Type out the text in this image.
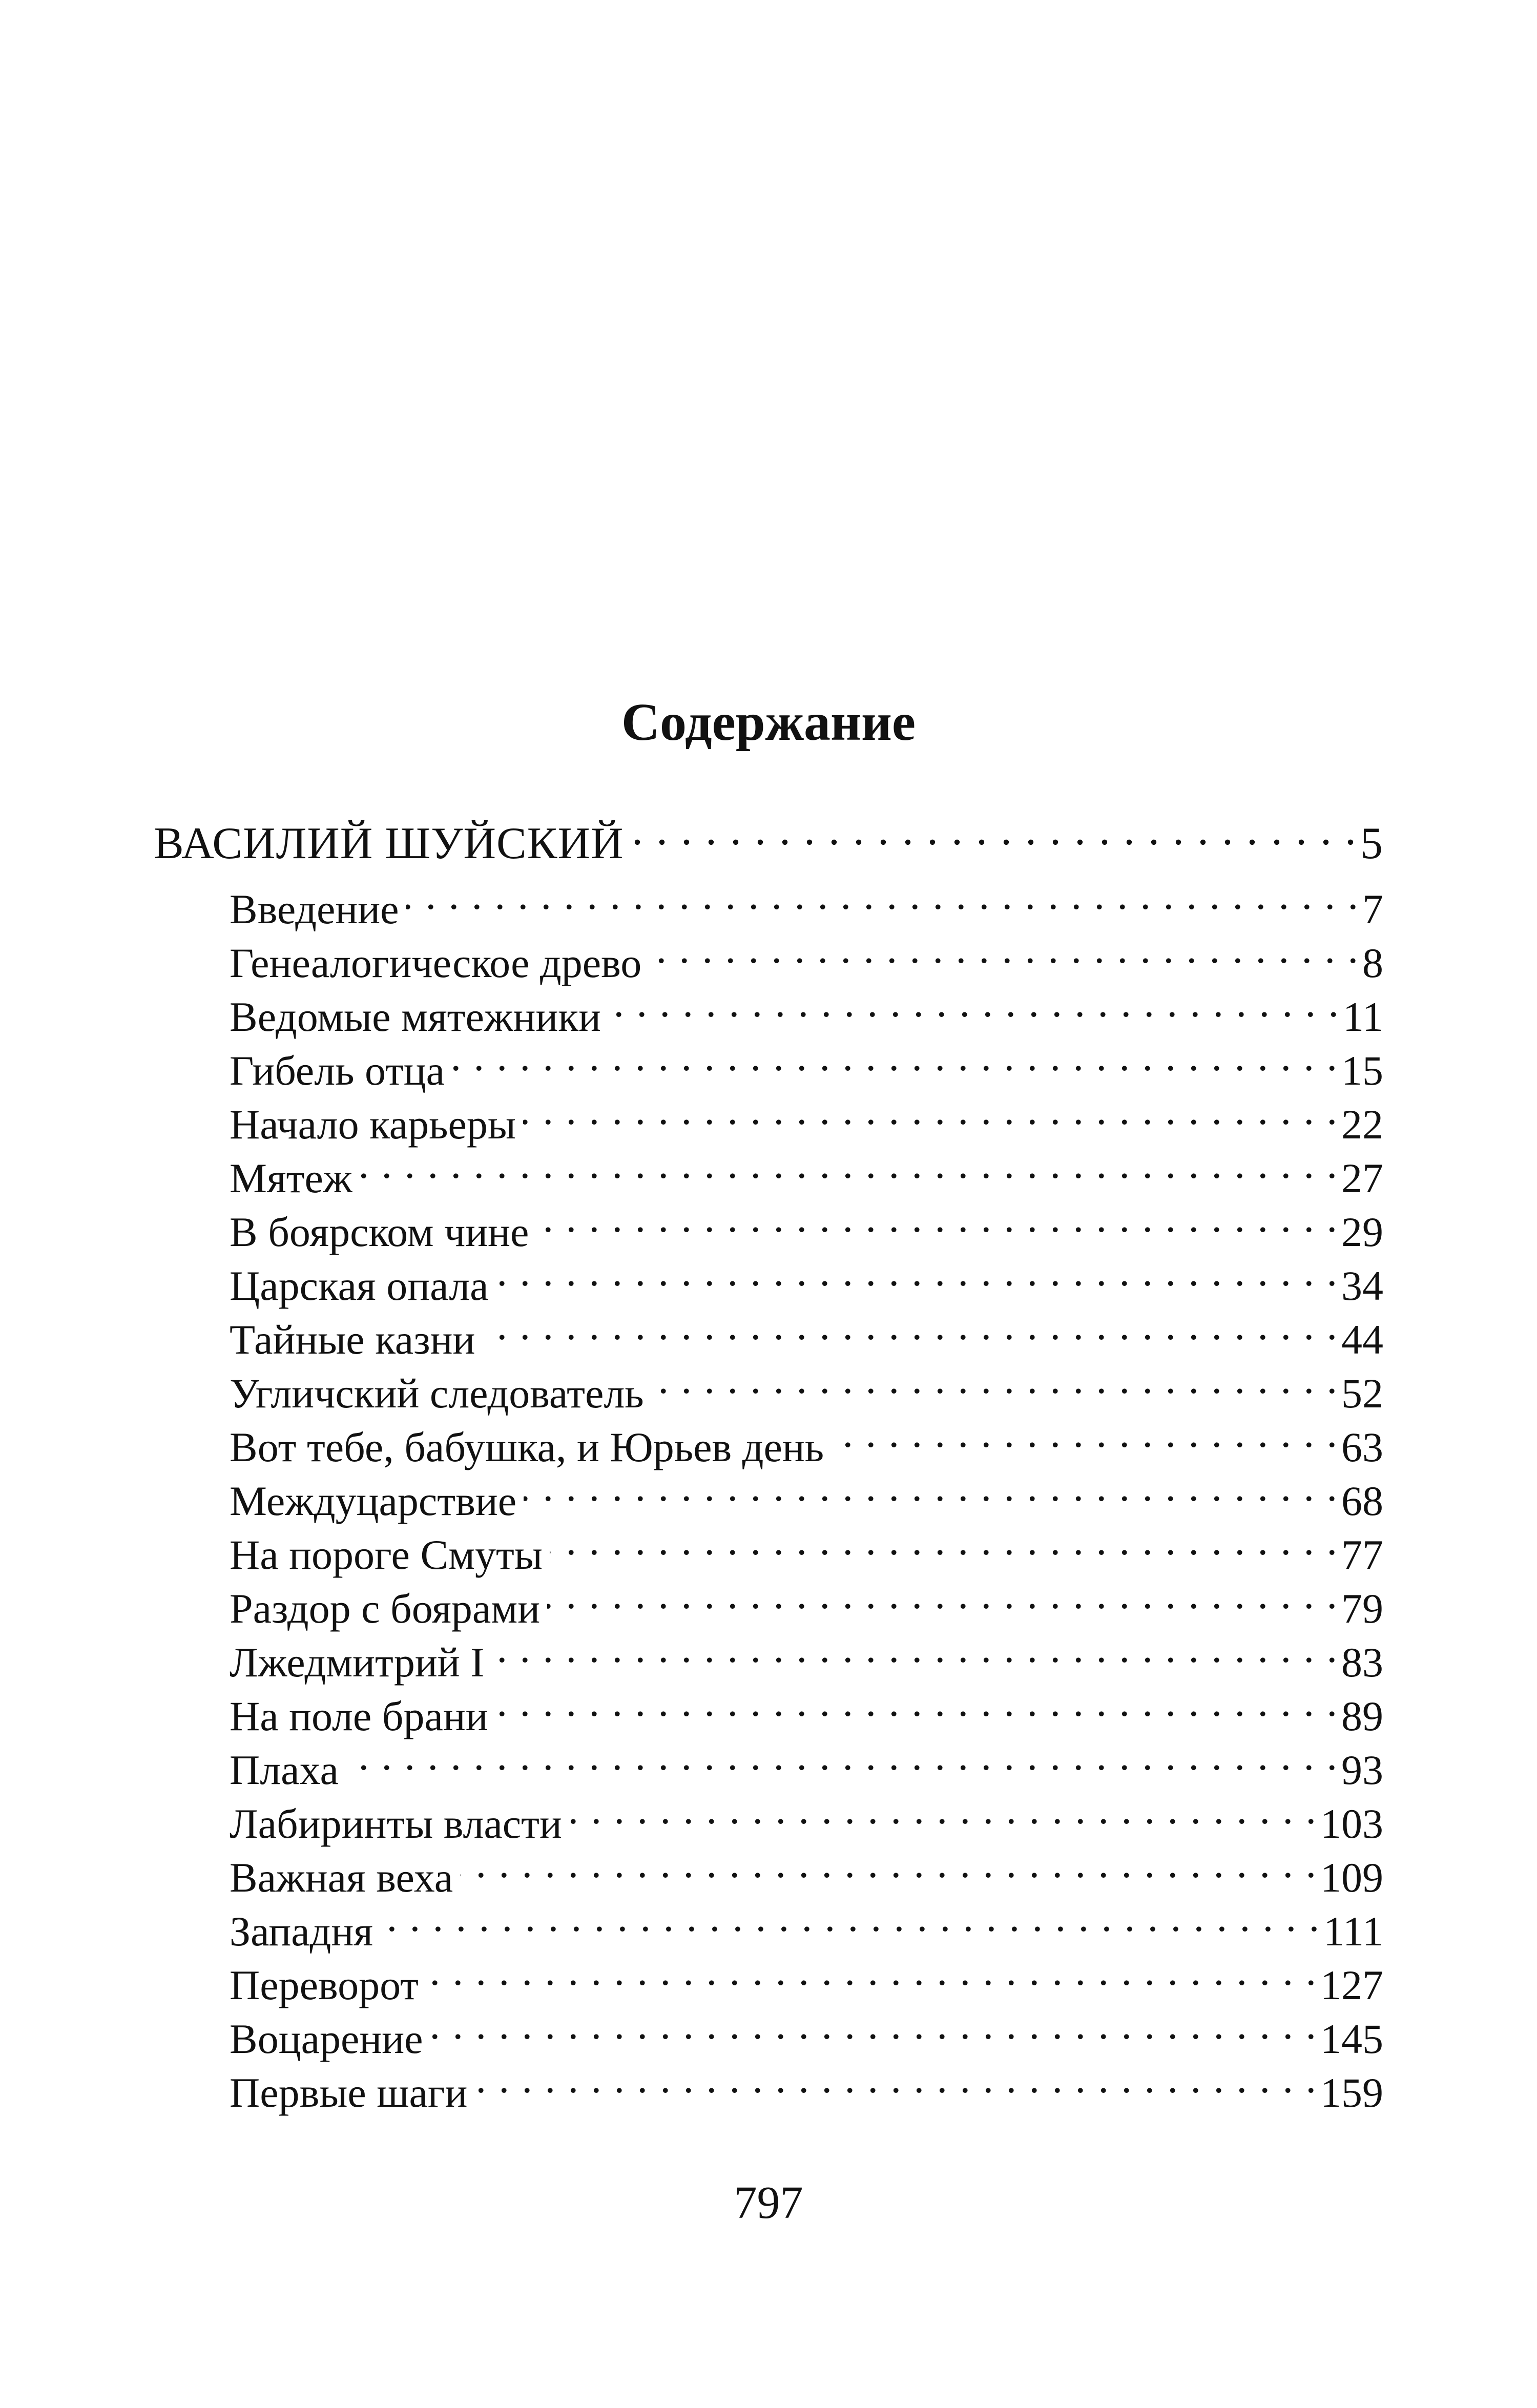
Содержание
ВАСИЛИЙ ШУЙСКИЙ . . .	5
Введение . . .	7
Генеалогическое древо . . .	8
Ведомые мятежники . . .	11
Гибель отца . . .	15
Начало карьеры . . .	22
Мятеж . . .	27
В боярском чине . . .	29
Царская опала . . .	34
Тайные казни . . .	44
Угличский следователь . . .	52
Вот тебе, бабушка, и Юрьев день . . .	63
Междуцарствие . . .	68
На пороге Смуты . . .	77
Раздор с боярами . . .	79
Лжедмитрий I . . .	83
На поле брани . . .	89
Плаха . . .	93
Лабиринты власти . . .	103
Важная веха . . .	109
Западня . . .	111
Переворот . . .	127
Воцарение . . .	145
Первые шаги . . .	159
797
